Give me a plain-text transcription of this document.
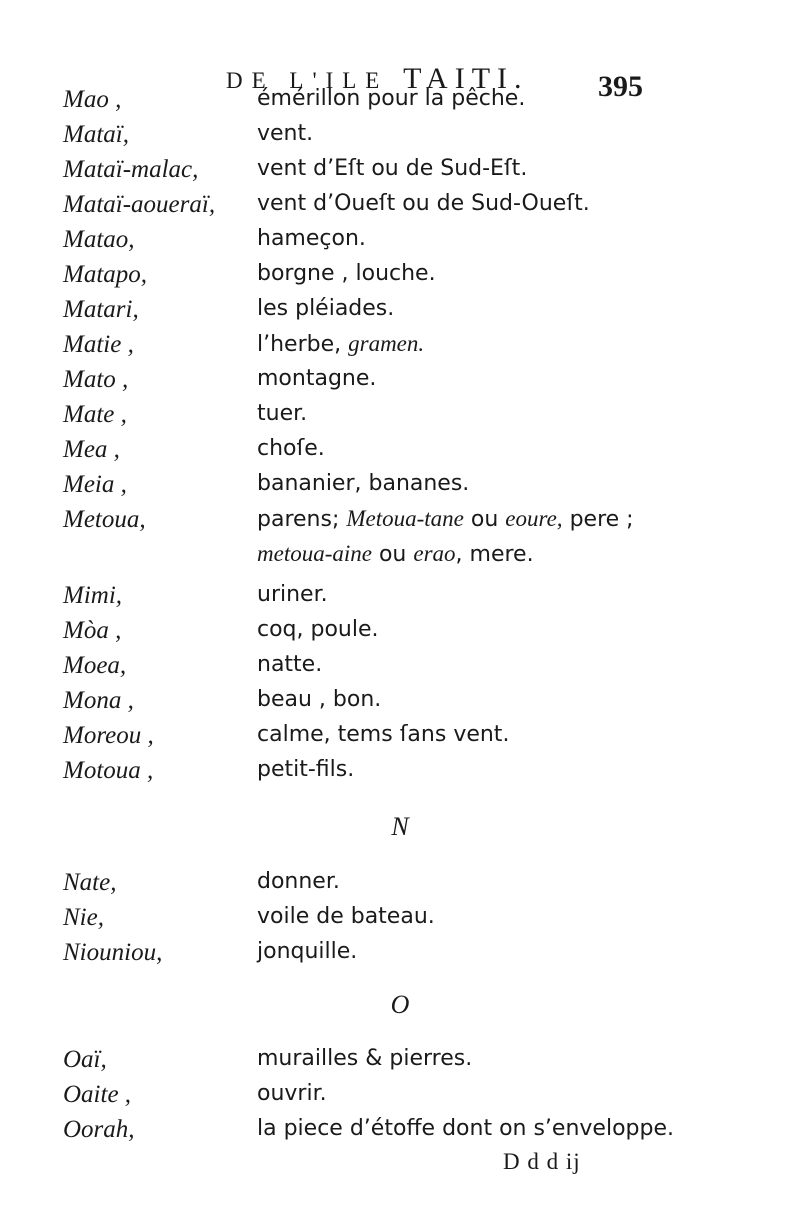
DE L'ILE TAITI. 395
Mao ,	émérillon pour la pêche.
Mataï,	vent.
Mataï-malac,	vent d’Eſt ou de Sud-Eſt.
Mataï-aoueraï, vent d’Oueſt ou de Sud-Oueſt.
Matao,	hameçon.
Matapo,	borgne , louche.
Matari,	les pléiades.
Matie ,	l’herbe, gramen.
Mato ,	montagne.
Mate ,	tuer.
Mea ,	choſe.
Meia ,	bananier, bananes.
Metoua,	parens; Metoua-tane ou eoure, pere ;
metoua-aine ou erao, mere.
Mimi,	uriner.
Mòa ,	coq, poule.
Moea,	natte.
Mona ,	beau , bon.
Moreou ,	calme, tems ſans vent.
Motoua ,	petit-fils.
N
Nate,	donner.
Nie,	voile de bateau.
Niouniou,	jonquille.
O
Oaï,	murailles & pierres.
Oaite ,	ouvrir.
Oorah,	la piece d’étoffe dont on s’enveloppe.
D d d ij
